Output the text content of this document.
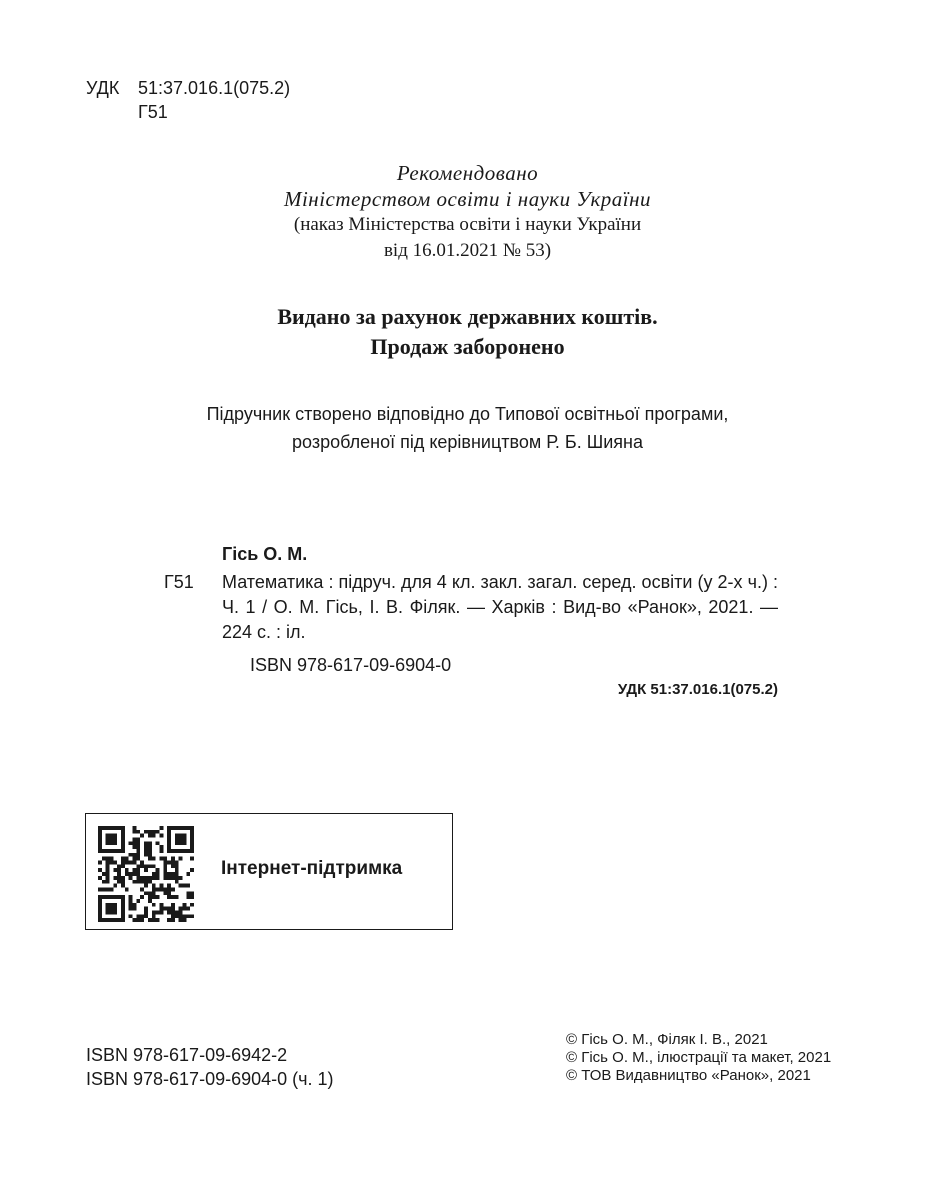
УДК	51:37.016.1(075.2)
Г51
Рекомендовано
Міністерством освіти і науки України
(наказ Міністерства освіти і науки України
від 16.01.2021 № 53)
Видано за рахунок державних коштів.
Продаж заборонено
Підручник створено відповідно до Типової освітньої програми,
розробленої під керівництвом Р. Б. Шияна
Гісь О. М.
Г51 Математика : підруч. для 4 кл. закл. загал. серед. освіти (у 2-х ч.) : Ч. 1 / О. М. Гісь, І. В. Філяк. — Харків : Вид-во «Ранок», 2021. — 224 с. : іл.
ISBN 978-617-09-6904-0
УДК 51:37.016.1(075.2)
Інтернет-підтримка
ISBN 978-617-09-6942-2
ISBN 978-617-09-6904-0 (ч. 1)
© Гісь О. М., Філяк І. В., 2021
© Гісь О. М., ілюстрації та макет, 2021
© ТОВ Видавництво «Ранок», 2021
